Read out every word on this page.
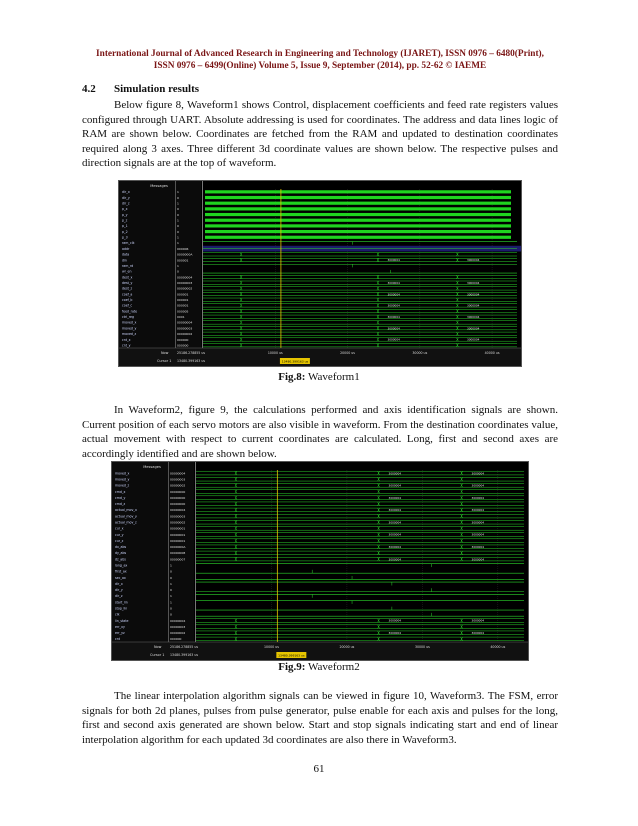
International Journal of Advanced Research in Engineering and Technology (IJARET), ISSN 0976 – 6480(Print),
ISSN 0976 – 6499(Online) Volume 5, Issue 9, September (2014), pp. 52-62 © IAEME
4.2 Simulation results
Below figure 8, Waveform1 shows Control, displacement coefficients and feed rate registers values configured through UART. Absolute addressing is used for coordinates. The address and data lines logic of RAM are shown below. Coordinates are fetched from the RAM and updated to destination coordinates required along 3 axes. Three different 3d coordinate values are shown below. The respective pulses and direction signals are at the top of waveform.
Messages
dir_x	1
dir_y	0
dir_z	1
p_x	0
p_y	0
p_z	1
p_1	0
p_2	0
p_3	1
ram_clk	1
addr	000006
data	0000000A
din	000001	3000004	3000004
ram_rd	1
wr_en	0
dest_x	00000004
dest_y	00000003	3000004	3000004
dest_z	00000002
coef_a	000001	3000004	3000004
coef_b	000001
coef_c	000001	3000004	3000004
feed_rate	000005
ctrl_reg	0001	3000004	3000004
moved_x	00000004
moved_y	00000003	3000004	3000004
moved_z	00000002
cnt_x	000000	3000004	3000004
cnt_y	000000
Now	25186.278855 us
Cursor 1 13480.399163 us
10000 us	20000 us	30000 us	40000 us
13480.399163 us
Fig.8: Waveform1
In Waveform2, figure 9, the calculations performed and axis identification signals are shown. Current position of each servo motors are also visible in waveform. From the destination coordinates value, actual movement with respect to current coordinates are calculated. Long, first and second axes are accordingly identified and are shown below.
Messages
moved_x	00000004	3000004	3000004
moved_y	00000003
moved_z	00000002	3000004	3000004
cmd_x	00000000
cmd_y	00000000	3000004	3000004
cmd_z	00000000
actual_mov_x	00000004	3000004	3000004
actual_mov_y	00000003
actual_mov_z	00000002	3000004	3000004
cur_x	00000001
cur_y	00000001	3000004	3000004
cur_z	00000001
dx_abs	0000000A	3000004	3000004
dy_abs	00000008
dz_abs	00000007	3000004	3000004
long_ax	1
first_ax	0
sec_ax	0
dir_x	1
dir_y	0
dir_z	1
start_lin	1
stop_lin	0
clk	0
lin_state	00000004	3000004	3000004
err_xy	00000003
err_yz	00000002	3000004	3000004
cnt	000000
Now	25186.278855 us
Cursor 1 13480.399163 us
10000 us	20000 us	30000 us	40000 us
13480.399163 us
Fig.9: Waveform2
The linear interpolation algorithm signals can be viewed in figure 10, Waveform3. The FSM, error signals for both 2d planes, pulses from pulse generator, pulse enable for each axis and pulses for the long, first and second axis generated are shown below. Start and stop signals indicating start and end of linear interpolation algorithm for each updated 3d coordinates are also there in Waveform3.
61
